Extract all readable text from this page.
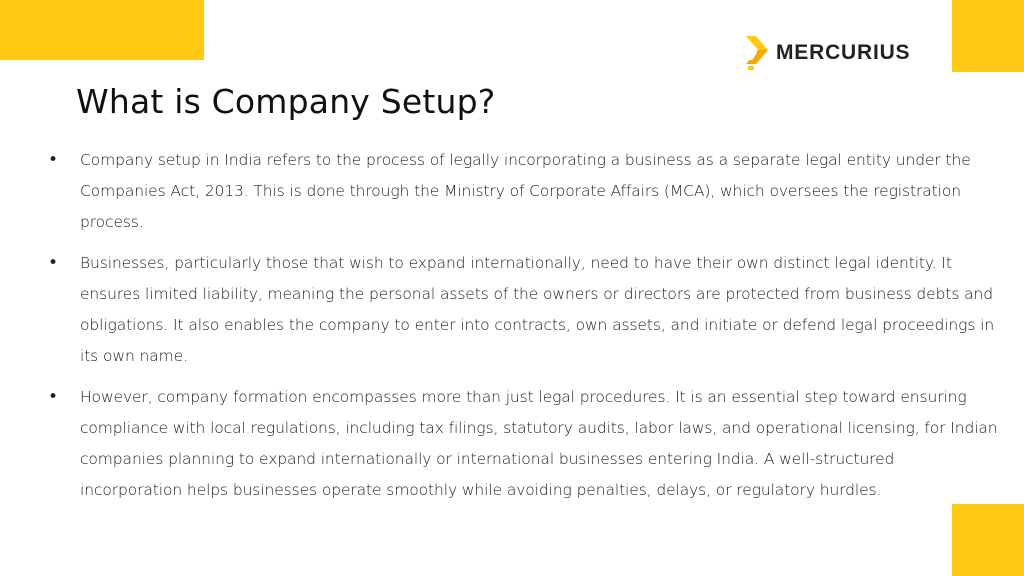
MERCURIUS
What is Company Setup?
• Company setup in India refers to the process of legally incorporating a business as a separate legal entity under the Companies Act, 2013. This is done through the Ministry of Corporate Affairs (MCA), which oversees the registration process.
• Businesses, particularly those that wish to expand internationally, need to have their own distinct legal identity. It ensures limited liability, meaning the personal assets of the owners or directors are protected from business debts and obligations. It also enables the company to enter into contracts, own assets, and initiate or defend legal proceedings in its own name.
• However, company formation encompasses more than just legal procedures. It is an essential step toward ensuring compliance with local regulations, including tax filings, statutory audits, labor laws, and operational licensing, for Indian companies planning to expand internationally or international businesses entering India. A well-structured incorporation helps businesses operate smoothly while avoiding penalties, delays, or regulatory hurdles.
